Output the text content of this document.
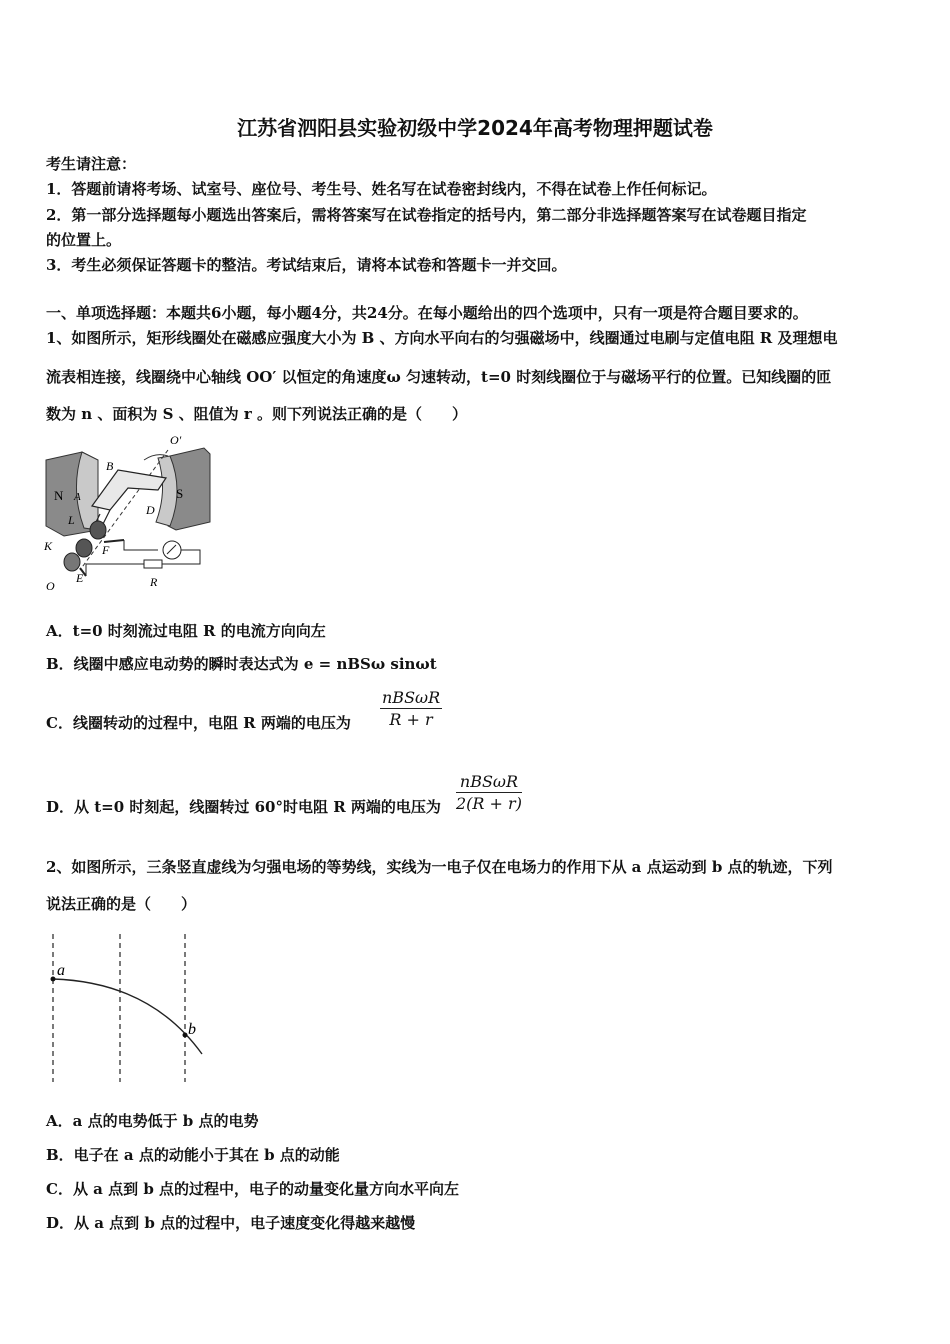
江苏省泗阳县实验初级中学2024年高考物理押题试卷
考生请注意：
1．答题前请将考场、试室号、座位号、考生号、姓名写在试卷密封线内，不得在试卷上作任何标记。
2．第一部分选择题每小题选出答案后，需将答案写在试卷指定的括号内，第二部分非选择题答案写在试卷题目指定
的位置上。
3．考生必须保证答题卡的整洁。考试结束后，请将本试卷和答题卡一并交回。
一、单项选择题：本题共6小题，每小题4分，共24分。在每小题给出的四个选项中，只有一项是符合题目要求的。
1、如图所示，矩形线圈处在磁感应强度大小为 B 、方向水平向右的匀强磁场中，线圈通过电刷与定值电阻 R 及理想电
流表相连接，线圈绕中心轴线 OO′ 以恒定的角速度ω 匀速转动，t=0 时刻线圈位于与磁场平行的位置。已知线圈的匝
数为 n 、面积为 S 、阻值为 r 。则下列说法正确的是（　　）
O′
B
N	S
A
D
L
K	F
E	R
O
A．t=0 时刻流过电阻 R 的电流方向向左
B．线圈中感应电动势的瞬时表达式为 e = nBSω sinωt
C．线圈转动的过程中，电阻 R 两端的电压为
nBSωR
R + r
D．从 t=0 时刻起，线圈转过 60°时电阻 R 两端的电压为
nBSωR
2(R + r)
2、如图所示，三条竖直虚线为匀强电场的等势线，实线为一电子仅在电场力的作用下从 a 点运动到 b 点的轨迹，下列
说法正确的是（　　）
a
b
A．a 点的电势低于 b 点的电势
B．电子在 a 点的动能小于其在 b 点的动能
C．从 a 点到 b 点的过程中，电子的动量变化量方向水平向左
D．从 a 点到 b 点的过程中，电子速度变化得越来越慢
